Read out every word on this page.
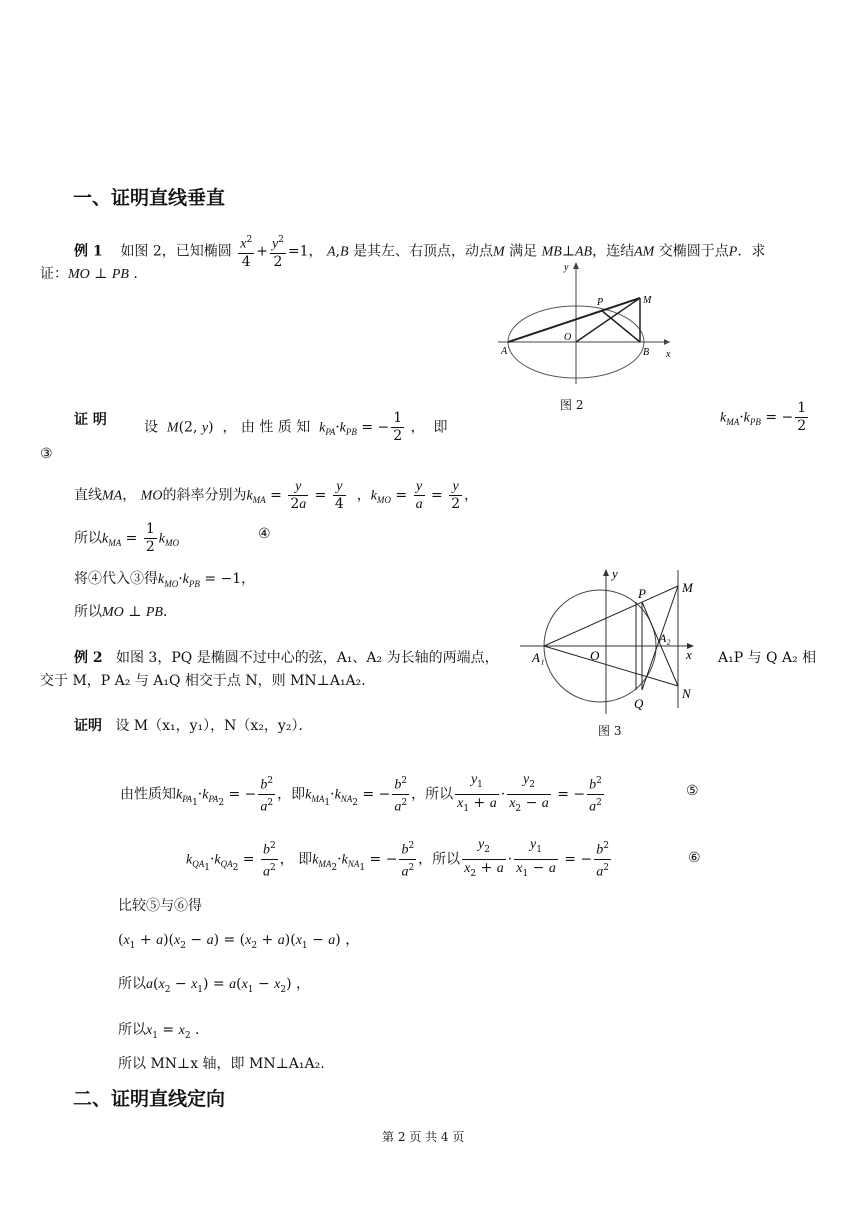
一、证明直线垂直
例 1 如图 2，已知椭圆 $\frac{x^2}{4} + \frac{y^2}{2} =1$， A,B 是其左、右顶点，动点M 满足 MB⊥AB，连结AM 交椭圆于点P．求
证：MO ⊥ PB .	y
P	M
O
A	B x
图 2
证 明	设 M(2, y)  ， 由 性 质 知 $k_{PA}\cdot k_{PB}$ = − $\frac{1}{2}$ ，  即
$k_{MA}\cdot k_{PB}$ = − $\frac{1}{2}$
③
直线MA， MO的斜率分别为$k_{MA} = \frac{y}{2a} = \frac{y}{4}$ ，$k_{MO} = \frac{y}{a} = \frac{y}{2}$ ，
所以$k_{MA} = \frac{1}{2} k_{MO}$
④
将④代入③得$k_{MO}\cdot k_{PB} = -1$，
所以MO ⊥ PB．
例 2 如图 3，PQ 是椭圆不过中心的弦，A₁、A₂ 为长轴的两端点，	A₁P 与 Q A₂ 相
交于 M，P A₂ 与 A₁Q 相交于点 N，则 MN⊥A₁A₂.
y
M
P
A₂
x
O
A₁
Q
N
图 3
证明 设 M（x₁，y₁），N（x₂，y₂）．
由性质知$k_{PA_1}\cdot k_{PA_2}$ = − $\frac{b^2}{a^2}$ ，即$k_{MA_1}\cdot k_{NA_2}$ = − $\frac{b^2}{a^2}$ ，所以 $\frac{y_1}{x_1 + a} \cdot \frac{y_2}{x_2 - a}$ = − $\frac{b^2}{a^2}$	⑤
$k_{QA_1}\cdot k_{QA_2} = \frac{b^2}{a^2}$ ， 即$k_{MA_2}\cdot k_{NA_1}$ = − $\frac{b^2}{a^2}$ ，所以 $\frac{y_2}{x_2 + a} \cdot \frac{y_1}{x_1 - a}$ = − $\frac{b^2}{a^2}$	⑥
比较⑤与⑥得
$(x_1 + a)(x_2 - a) = (x_2 + a)(x_1 - a)$ ，
所以$a(x_2 - x_1) = a(x_1 - x_2)$ ，
所以$x_1 = x_2$ .
所以 MN⊥x 轴，即 MN⊥A₁A₂.
二、证明直线定向
第 2 页 共 4 页
